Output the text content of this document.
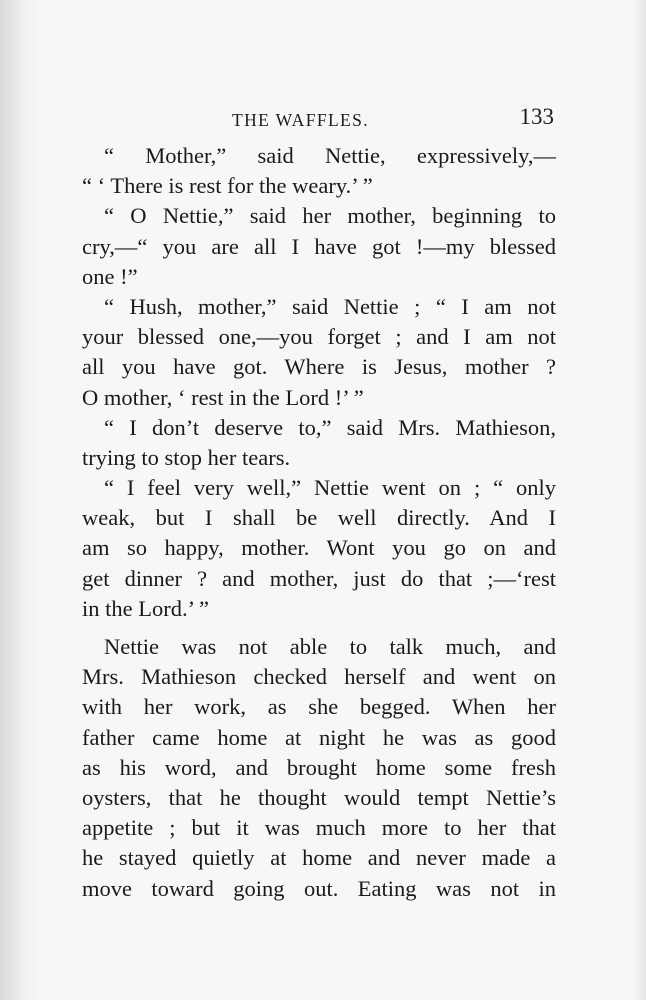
THE WAFFLES.	133
“ Mother,” said Nettie, expressively,—
“ ‘ There is rest for the weary.’ ”
“ O Nettie,” said her mother, beginning to
cry,—“ you are all I have got !—my blessed
one !”
“ Hush, mother,” said Nettie ; “ I am not
your blessed one,—you forget ; and I am not
all you have got. Where is Jesus, mother ?
O mother, ‘ rest in the Lord !’ ”
“ I don’t deserve to,” said Mrs. Mathieson,
trying to stop her tears.
“ I feel very well,” Nettie went on ; “ only
weak, but I shall be well directly. And I
am so happy, mother. Wont you go on and
get dinner ? and mother, just do that ;—‘rest
in the Lord.’ ”
Nettie was not able to talk much, and
Mrs. Mathieson checked herself and went on
with her work, as she begged. When her
father came home at night he was as good
as his word, and brought home some fresh
oysters, that he thought would tempt Nettie’s
appetite ; but it was much more to her that
he stayed quietly at home and never made a
move toward going out. Eating was not in
